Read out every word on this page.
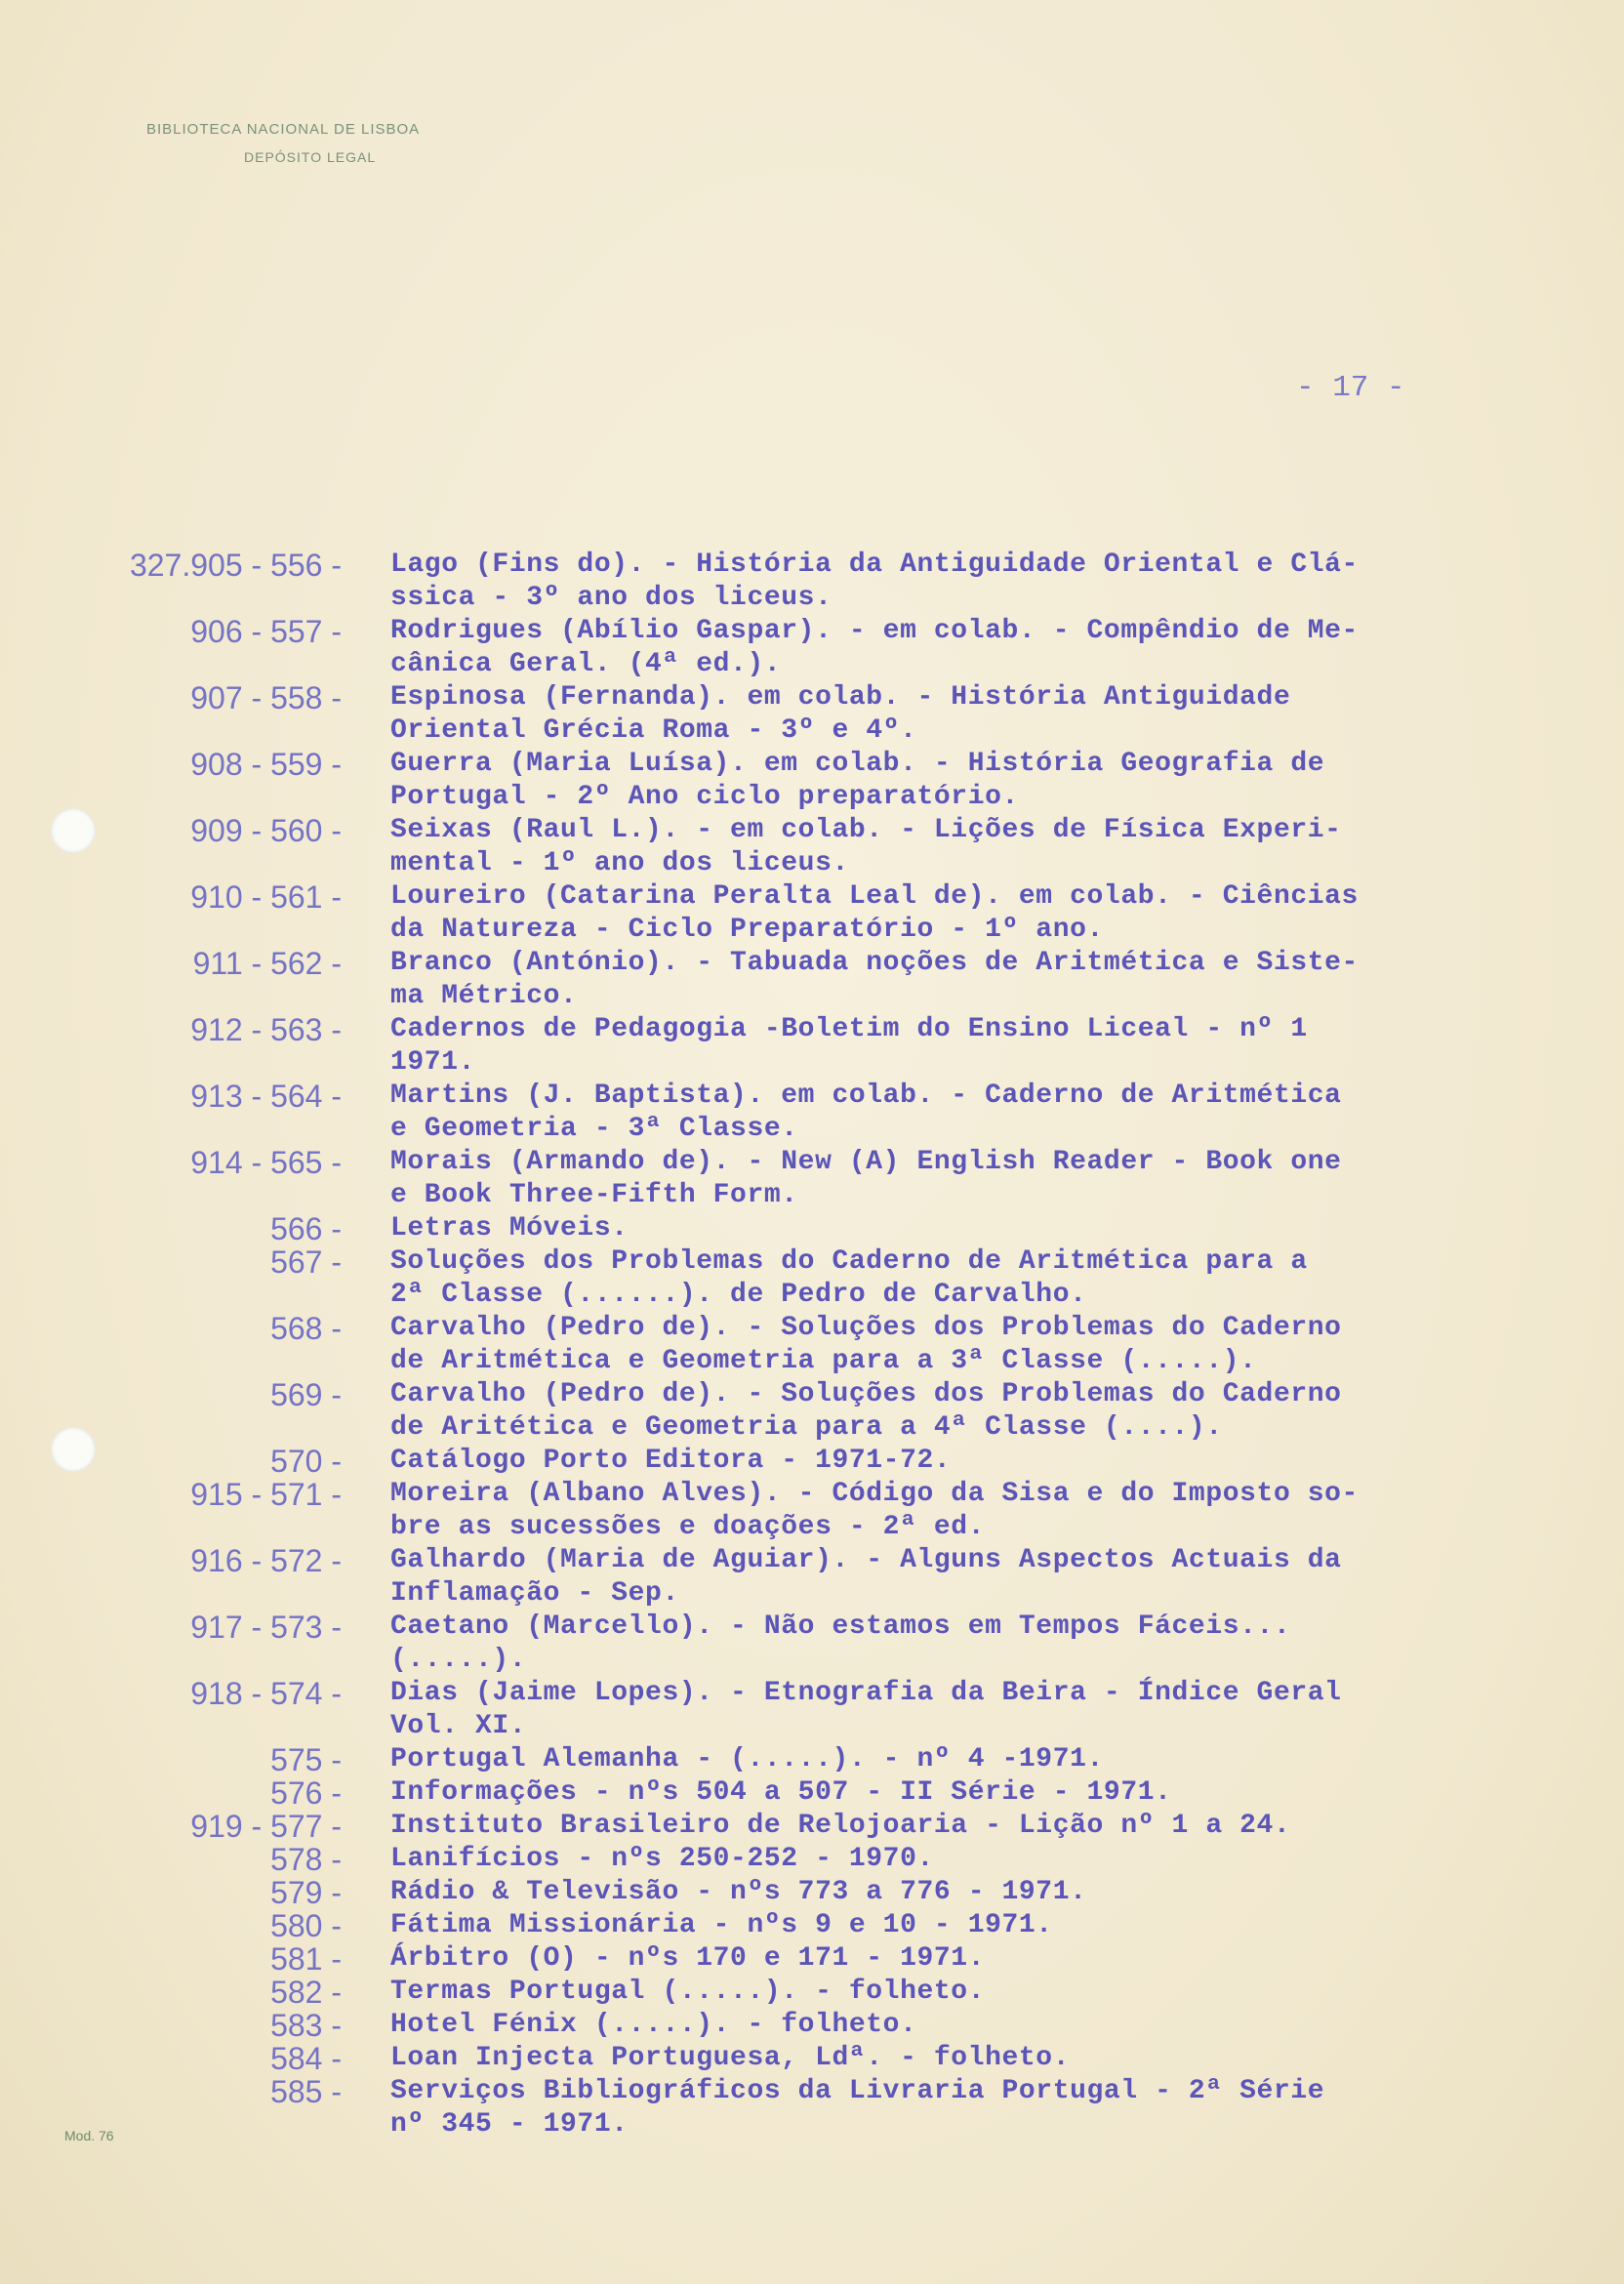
BIBLIOTECA NACIONAL DE LISBOA
DEPÓSITO LEGAL
- 17 -
327.905 - 556 - Lago (Fins do). - História da Antiguidade Oriental e Clá-
ssica - 3º ano dos liceus.
906 - 557 - Rodrigues (Abílio Gaspar). - em colab. - Compêndio de Me-
cânica Geral. (4ª ed.).
907 - 558 - Espinosa (Fernanda). em colab. - História Antiguidade
Oriental Grécia Roma - 3º e 4º.
908 - 559 - Guerra (Maria Luísa). em colab. - História Geografia de
Portugal - 2º Ano ciclo preparatório.
909 - 560 - Seixas (Raul L.). - em colab. - Lições de Física Experi-
mental - 1º ano dos liceus.
910 - 561 - Loureiro (Catarina Peralta Leal de). em colab. - Ciências
da Natureza - Ciclo Preparatório - 1º ano.
911 - 562 - Branco (António). - Tabuada noções de Aritmética e Siste-
ma Métrico.
912 - 563 - Cadernos de Pedagogia -Boletim do Ensino Liceal - nº 1
1971.
913 - 564 - Martins (J. Baptista). em colab. - Caderno de Aritmética
e Geometria - 3ª Classe.
914 - 565 - Morais (Armando de). - New (A) English Reader - Book one
e Book Three-Fifth Form.
566 - Letras Móveis.
567 - Soluções dos Problemas do Caderno de Aritmética para a
2ª Classe (......). de Pedro de Carvalho.
568 - Carvalho (Pedro de). - Soluções dos Problemas do Caderno
de Aritmética e Geometria para a 3ª Classe (.....).
569 - Carvalho (Pedro de). - Soluções dos Problemas do Caderno
de Aritética e Geometria para a 4ª Classe (....).
570 - Catálogo Porto Editora - 1971-72.
915 - 571 - Moreira (Albano Alves). - Código da Sisa e do Imposto so-
bre as sucessões e doações - 2ª ed.
916 - 572 - Galhardo (Maria de Aguiar). - Alguns Aspectos Actuais da
Inflamação - Sep.
917 - 573 - Caetano (Marcello). - Não estamos em Tempos Fáceis...
(.....).
918 - 574 - Dias (Jaime Lopes). - Etnografia da Beira - Índice Geral
Vol. XI.
575 - Portugal Alemanha - (.....). - nº 4 -1971.
576 - Informações - nºs 504 a 507 - II Série - 1971.
919 - 577 - Instituto Brasileiro de Relojoaria - Lição nº 1 a 24.
578 - Lanifícios - nºs 250-252 - 1970.
579 - Rádio & Televisão - nºs 773 a 776 - 1971.
580 - Fátima Missionária - nºs 9 e 10 - 1971.
581 - Árbitro (O) - nºs 170 e 171 - 1971.
582 - Termas Portugal (.....). - folheto.
583 - Hotel Fénix (.....). - folheto.
584 - Loan Injecta Portuguesa, Ldª. - folheto.
585 - Serviços Bibliográficos da Livraria Portugal - 2ª Série
nº 345 - 1971.
Mod. 76
